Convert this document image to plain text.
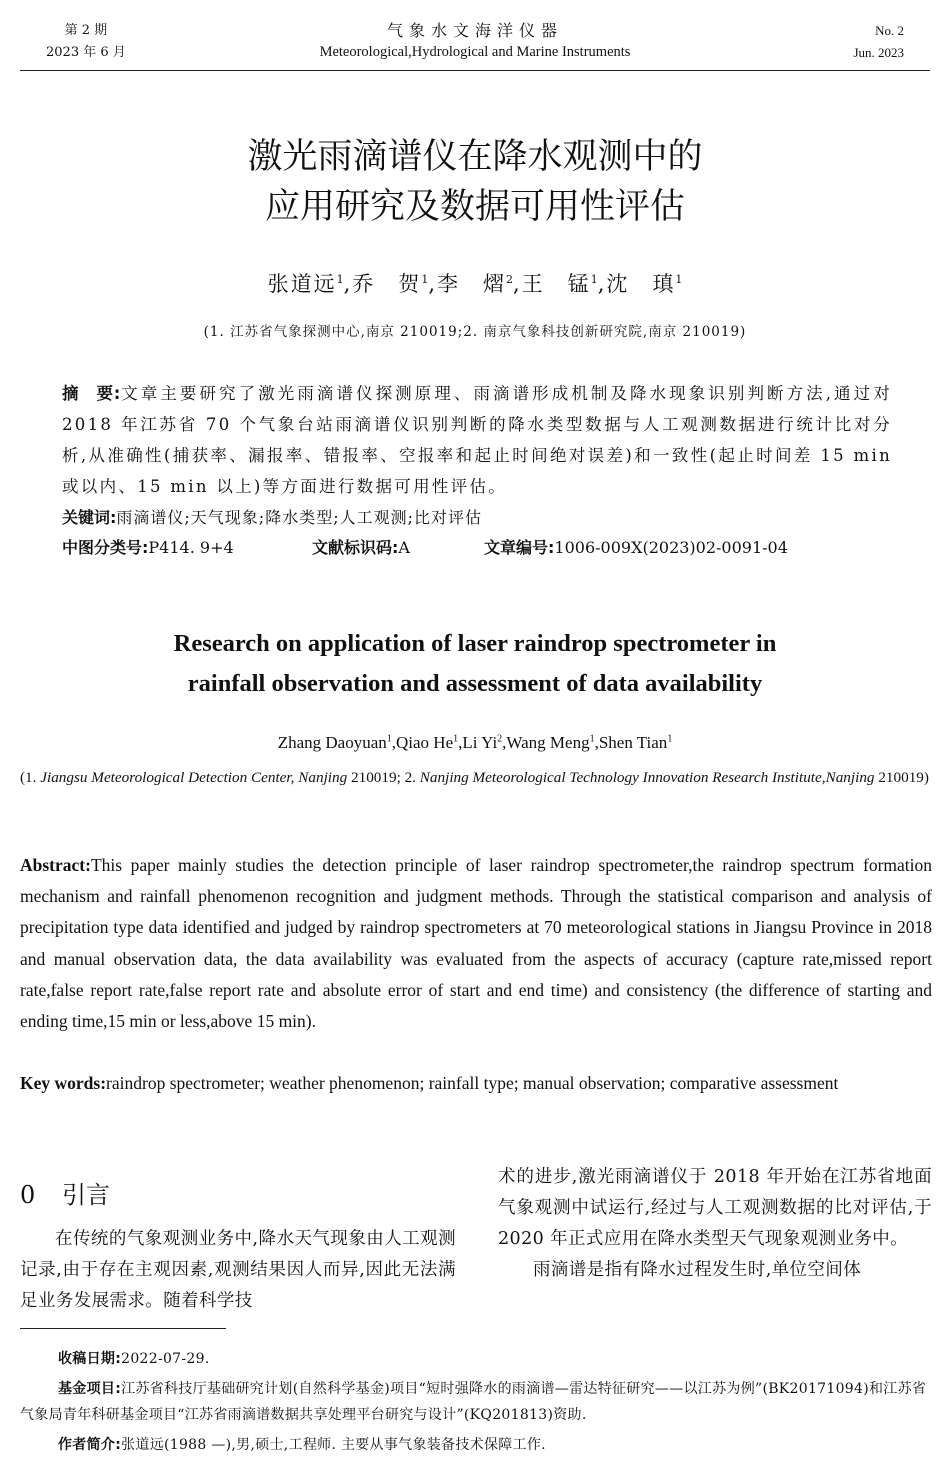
第 2 期
2023 年 6 月
气象水文海洋仪器
Meteorological,Hydrological and Marine Instruments
No. 2
Jun. 2023
激光雨滴谱仪在降水观测中的
应用研究及数据可用性评估
张道远$^1$,乔　贺$^1$,李　熠$^2$,王　锰$^1$,沈　瑱$^1$
(1. 江苏省气象探测中心,南京 210019;2. 南京气象科技创新研究院,南京 210019)
摘　要:文章主要研究了激光雨滴谱仪探测原理、雨滴谱形成机制及降水现象识别判断方法,通过对 2018 年江苏省 70 个气象台站雨滴谱仪识别判断的降水类型数据与人工观测数据进行统计比对分析,从准确性(捕获率、漏报率、错报率、空报率和起止时间绝对误差)和一致性(起止时间差 15 min 或以内、15 min 以上)等方面进行数据可用性评估。
关键词:雨滴谱仪;天气现象;降水类型;人工观测;比对评估
中图分类号:P414. 9+4	文献标识码:A	文章编号:1006-009X(2023)02-0091-04
Research on application of laser raindrop spectrometer in
rainfall observation and assessment of data availability
Zhang Daoyuan$^1$,Qiao He$^1$,Li Yi$^2$,Wang Meng$^1$,Shen Tian$^1$
(1. Jiangsu Meteorological Detection Center, Nanjing 210019; 2. Nanjing Meteorological Technology Innovation Research Institute,Nanjing 210019)
Abstract:This paper mainly studies the detection principle of laser raindrop spectrometer,the raindrop spectrum formation mechanism and rainfall phenomenon recognition and judgment methods. Through the statistical comparison and analysis of precipitation type data identified and judged by raindrop spectrometers at 70 meteorological stations in Jiangsu Province in 2018 and manual observation data, the data availability was evaluated from the aspects of accuracy (capture rate,missed report rate,false report rate,false report rate and absolute error of start and end time) and consistency (the difference of starting and ending time,15 min or less,above 15 min).
Key words:raindrop spectrometer; weather phenomenon; rainfall type; manual observation; comparative assessment
0 引言

在传统的气象观测业务中,降水天气现象由人工观测记录,由于存在主观因素,观测结果因人而异,因此无法满足业务发展需求。随着科学技

术的进步,激光雨滴谱仪于 2018 年开始在江苏省地面气象观测中试运行,经过与人工观测数据的比对评估,于 2020 年正式应用在降水类型天气现象观测业务中。

雨滴谱是指有降水过程发生时,单位空间体

收稿日期:2022-07-29.
基金项目:江苏省科技厅基础研究计划(自然科学基金)项目“短时强降水的雨滴谱—雷达特征研究——以江苏为例”(BK20171094)和江苏省气象局青年科研基金项目“江苏省雨滴谱数据共享处理平台研究与设计”(KQ201813)资助.
作者简介:张道远(1988 —),男,硕士,工程师. 主要从事气象装备技术保障工作.
